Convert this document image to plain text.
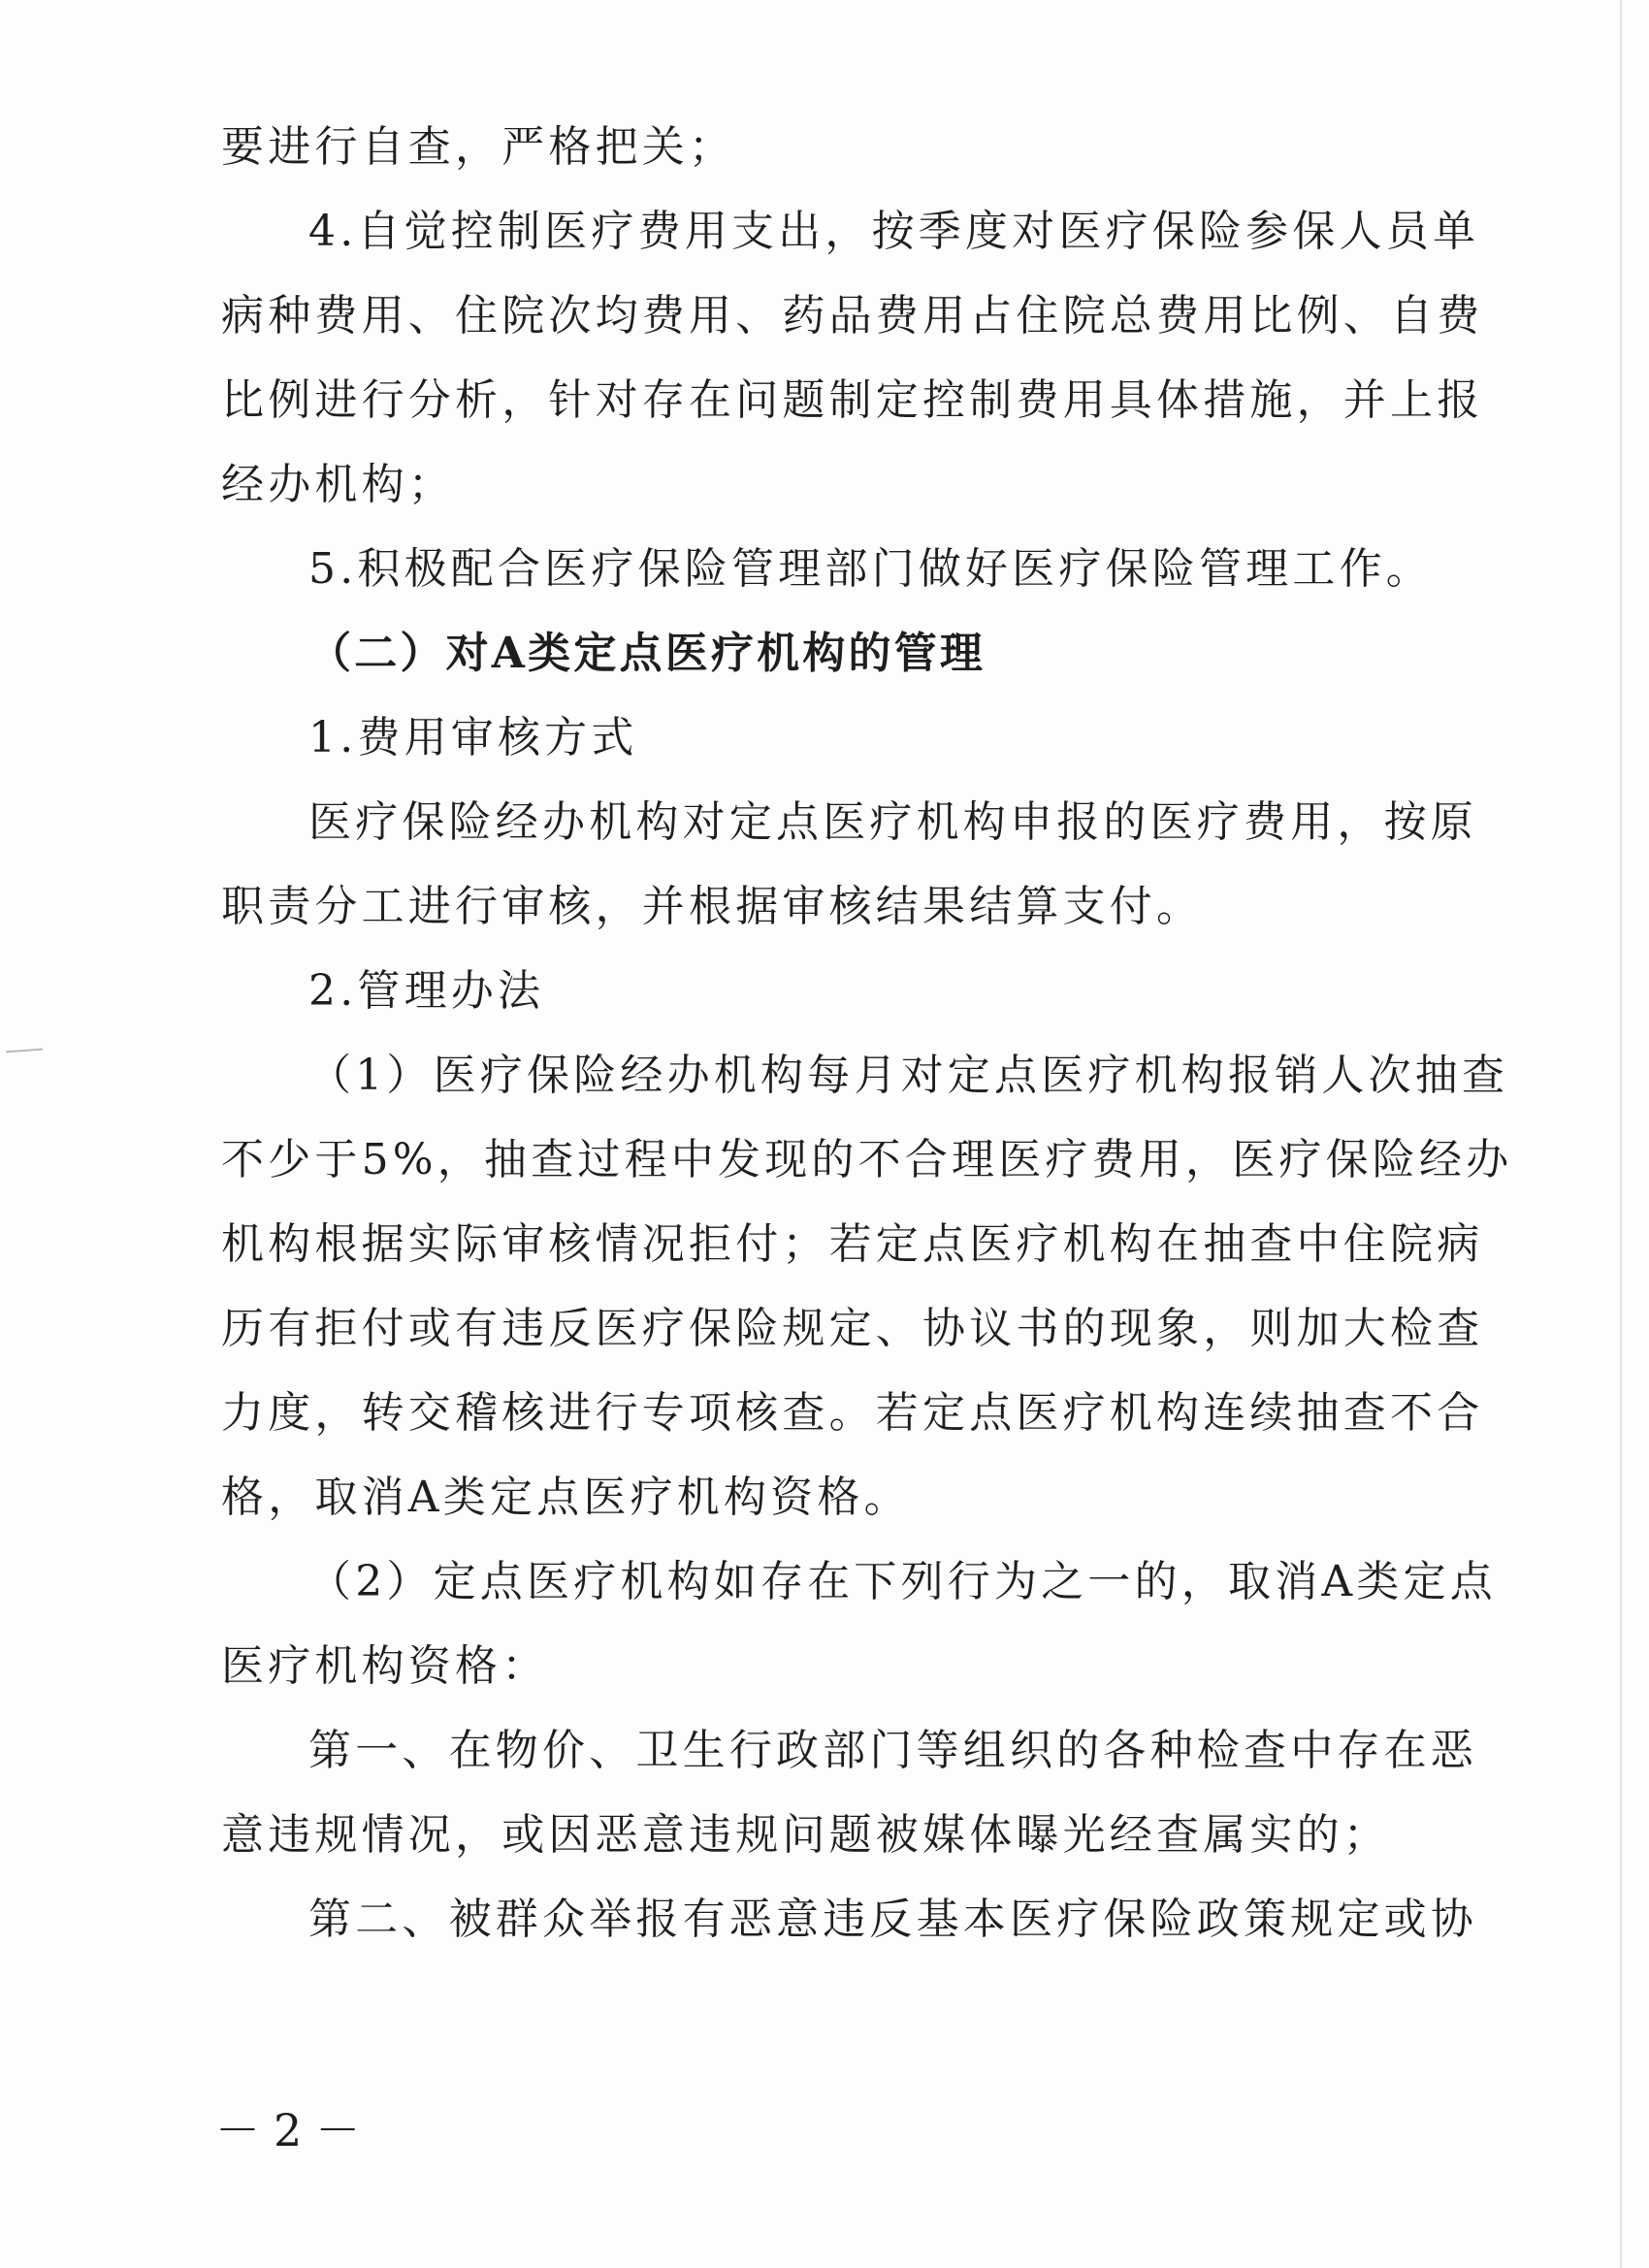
要进行自查，严格把关；
4.自觉控制医疗费用支出，按季度对医疗保险参保人员单
病种费用、住院次均费用、药品费用占住院总费用比例、自费
比例进行分析，针对存在问题制定控制费用具体措施，并上报
经办机构；
5.积极配合医疗保险管理部门做好医疗保险管理工作。
（二）对A类定点医疗机构的管理
1.费用审核方式
医疗保险经办机构对定点医疗机构申报的医疗费用，按原
职责分工进行审核，并根据审核结果结算支付。
2.管理办法
（1）医疗保险经办机构每月对定点医疗机构报销人次抽查
不少于5%，抽查过程中发现的不合理医疗费用，医疗保险经办
机构根据实际审核情况拒付；若定点医疗机构在抽查中住院病
历有拒付或有违反医疗保险规定、协议书的现象，则加大检查
力度，转交稽核进行专项核查。若定点医疗机构连续抽查不合
格，取消A类定点医疗机构资格。
（2）定点医疗机构如存在下列行为之一的，取消A类定点
医疗机构资格：
第一、在物价、卫生行政部门等组织的各种检查中存在恶
意违规情况，或因恶意违规问题被媒体曝光经查属实的；
第二、被群众举报有恶意违反基本医疗保险政策规定或协
－2－
